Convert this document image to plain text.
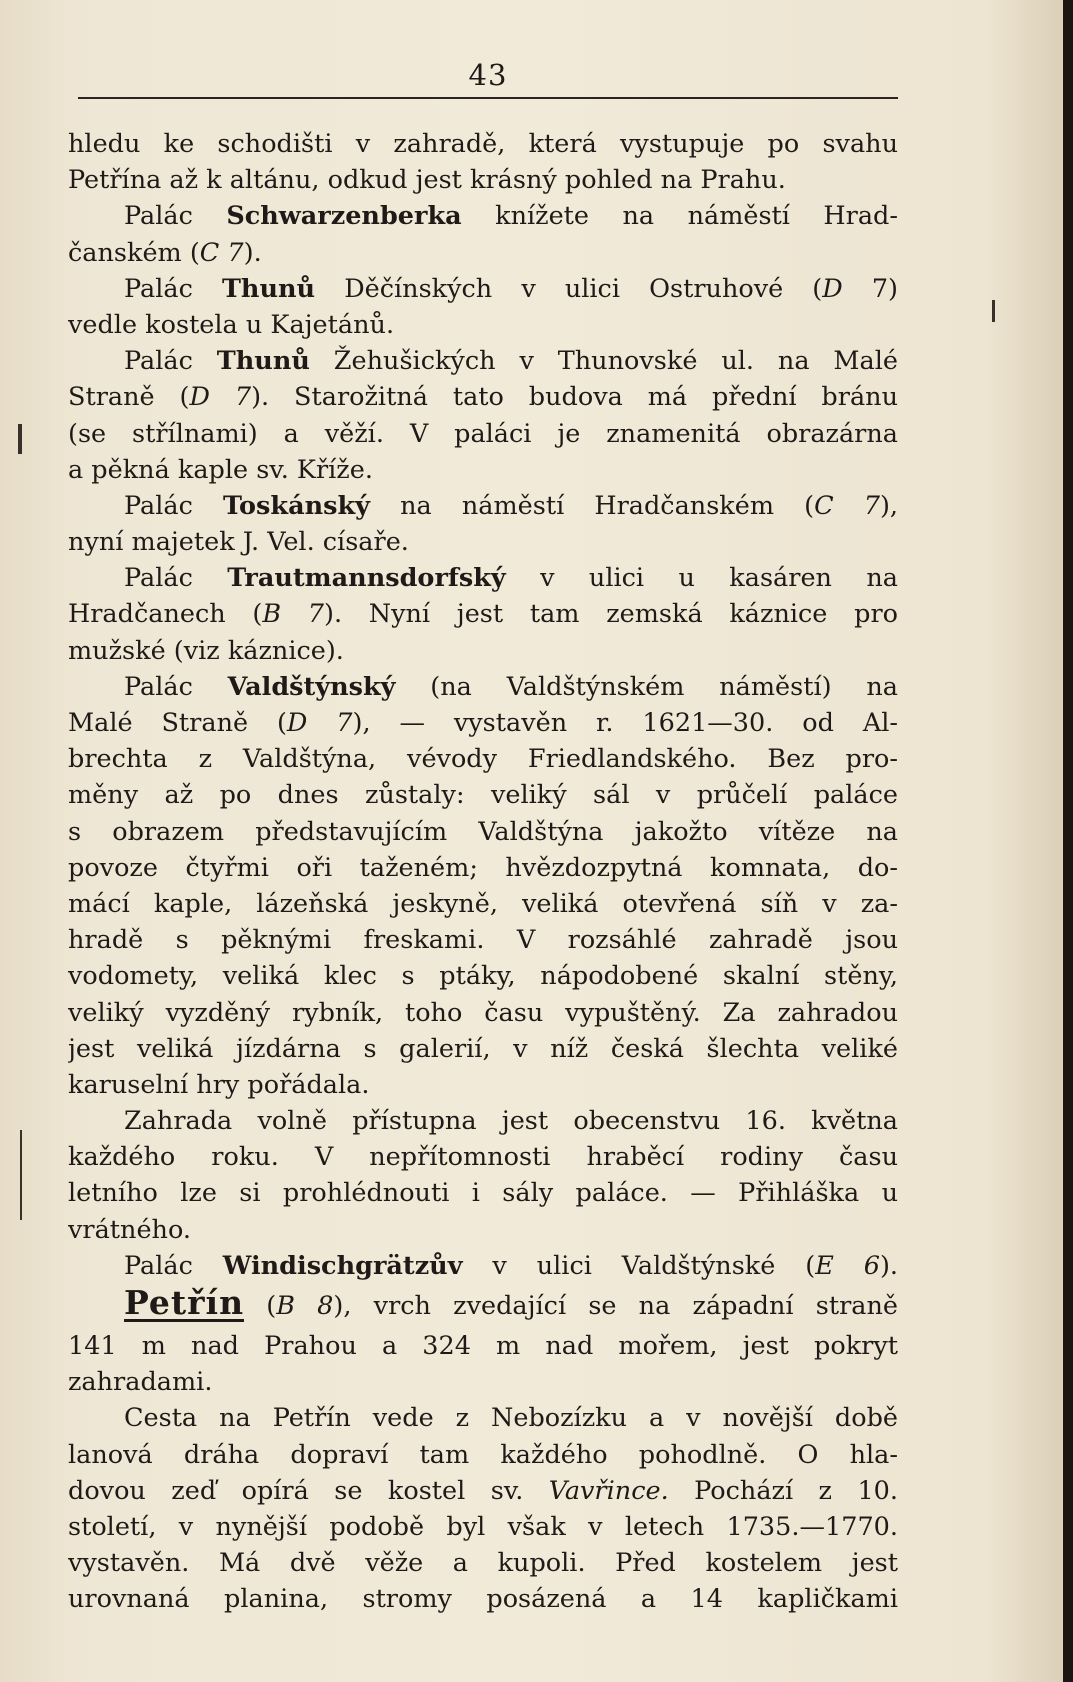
43
hledu ke schodišti v zahradě, která vystupuje po svahu
Petřína až k altánu, odkud jest krásný pohled na Prahu.
Palác Schwarzenberka knížete na náměstí Hrad-
čanském (C 7).
Palác Thunů Děčínských v ulici Ostruhové (D 7)
vedle kostela u Kajetánů.
Palác Thunů Žehušických v Thunovské ul. na Malé
Straně (D 7). Starožitná tato budova má přední bránu
(se střílnami) a věží. V paláci je znamenitá obrazárna
a pěkná kaple sv. Kříže.
Palác Toskánský na náměstí Hradčanském (C 7),
nyní majetek J. Vel. císaře.
Palác Trautmannsdorfský v ulici u kasáren na
Hradčanech (B 7). Nyní jest tam zemská káznice pro
mužské (viz káznice).
Palác Valdštýnský (na Valdštýnském náměstí) na
Malé Straně (D 7), — vystavěn r. 1621—30. od Al-
brechta z Valdštýna, vévody Friedlandského. Bez pro-
měny až po dnes zůstaly: veliký sál v průčelí paláce
s obrazem představujícím Valdštýna jakožto vítěze na
povoze čtyřmi oři taženém; hvězdozpytná komnata, do-
mácí kaple, lázeňská jeskyně, veliká otevřená síň v za-
hradě s pěknými freskami. V rozsáhlé zahradě jsou
vodomety, veliká klec s ptáky, nápodobené skalní stěny,
veliký vyzděný rybník, toho času vypuštěný. Za zahradou
jest veliká jízdárna s galerií, v níž česká šlechta veliké
karuselní hry pořádala.
Zahrada volně přístupna jest obecenstvu 16. května
každého roku. V nepřítomnosti hraběcí rodiny času
letního lze si prohlédnouti i sály paláce. — Přihláška u
vrátného.
Palác Windischgrätzův v ulici Valdštýnské (E 6).
Petřín (B 8), vrch zvedající se na západní straně
141 m nad Prahou a 324 m nad mořem, jest pokryt
zahradami.
Cesta na Petřín vede z Nebozízku a v novější době
lanová dráha dopraví tam každého pohodlně. O hla-
dovou zeď opírá se kostel sv. Vavřince. Pochází z 10.
století, v nynější podobě byl však v letech 1735.—1770.
vystavěn. Má dvě věže a kupoli. Před kostelem jest
urovnaná planina, stromy posázená a 14 kapličkami
